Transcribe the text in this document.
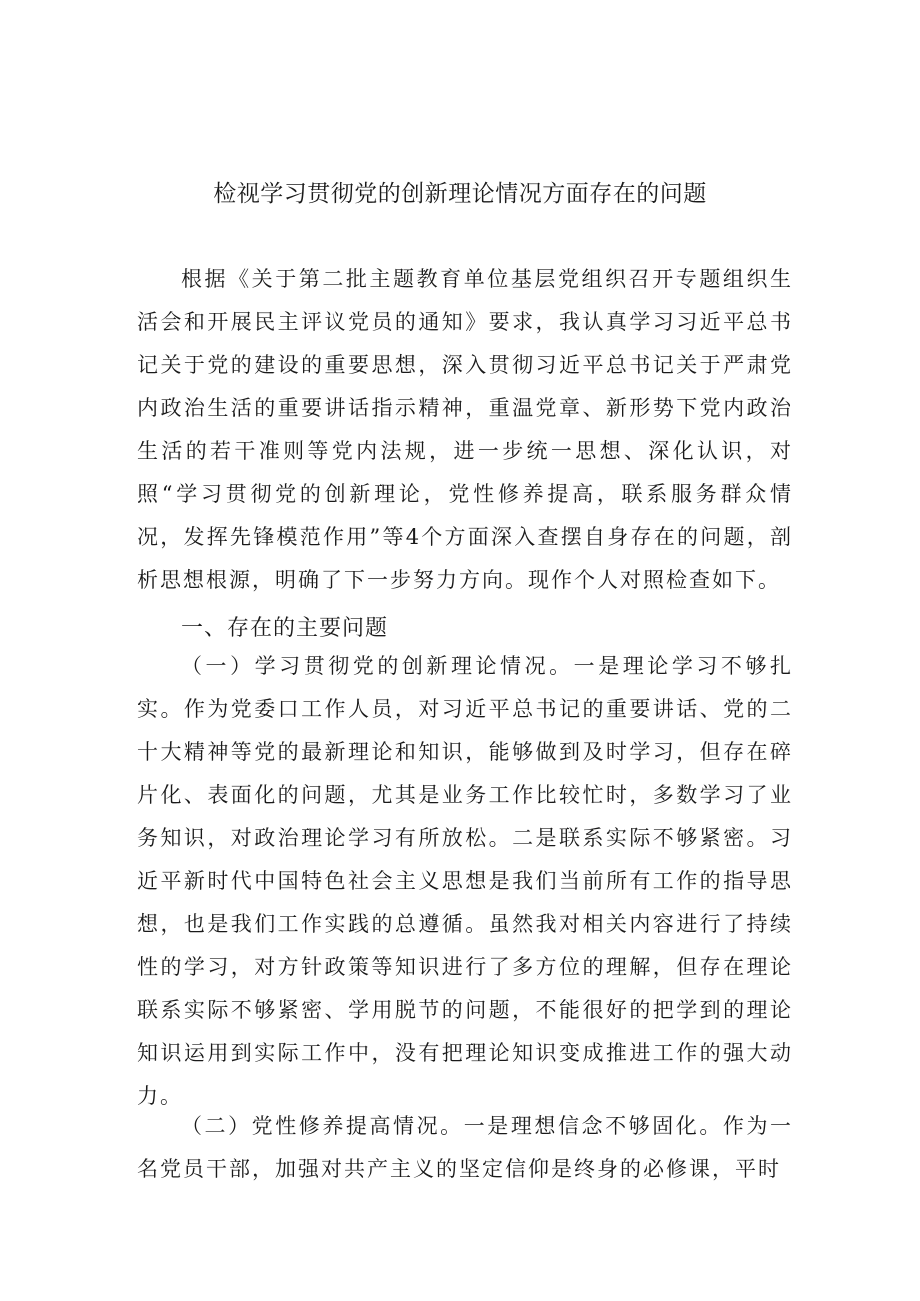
检视学习贯彻党的创新理论情况方面存在的问题

根据《关于第二批主题教育单位基层党组织召开专题组织生活会和开展民主评议党员的通知》要求，我认真学习习近平总书记关于党的建设的重要思想，深入贯彻习近平总书记关于严肃党内政治生活的重要讲话指示精神，重温党章、新形势下党内政治生活的若干准则等党内法规，进一步统一思想、深化认识，对照“学习贯彻党的创新理论，党性修养提高，联系服务群众情况，发挥先锋模范作用”等4个方面深入查摆自身存在的问题，剖析思想根源，明确了下一步努力方向。现作个人对照检查如下。

一、存在的主要问题

（一）学习贯彻党的创新理论情况。一是理论学习不够扎实。作为党委口工作人员，对习近平总书记的重要讲话、党的二十大精神等党的最新理论和知识，能够做到及时学习，但存在碎片化、表面化的问题，尤其是业务工作比较忙时，多数学习了业务知识，对政治理论学习有所放松。二是联系实际不够紧密。习近平新时代中国特色社会主义思想是我们当前所有工作的指导思想，也是我们工作实践的总遵循。虽然我对相关内容进行了持续性的学习，对方针政策等知识进行了多方位的理解，但存在理论联系实际不够紧密、学用脱节的问题，不能很好的把学到的理论知识运用到实际工作中，没有把理论知识变成推进工作的强大动力。

（二）党性修养提高情况。一是理想信念不够固化。作为一名党员干部，加强对共产主义的坚定信仰是终身的必修课，平时
